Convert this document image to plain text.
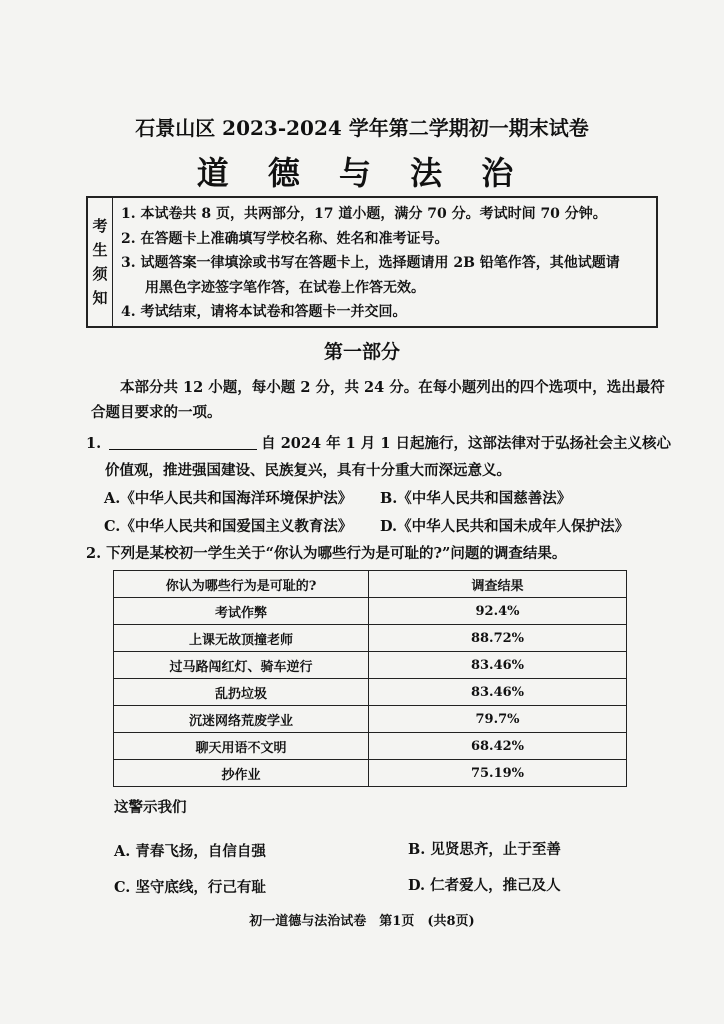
石景山区 2023-2024 学年第二学期初一期末试卷
道 德 与 法 治
考
生
须
知
1. 本试卷共 8 页，共两部分，17 道小题，满分 70 分。考试时间 70 分钟。
2. 在答题卡上准确填写学校名称、姓名和准考证号。
3. 试题答案一律填涂或书写在答题卡上，选择题请用 2B 铅笔作答，其他试题请
用黑色字迹签字笔作答，在试卷上作答无效。
4. 考试结束，请将本试卷和答题卡一并交回。
第一部分
本部分共 12 小题，每小题 2 分，共 24 分。在每小题列出的四个选项中，选出最符
合题目要求的一项。
1.	自 2024 年 1 月 1 日起施行，这部法律对于弘扬社会主义核心
价值观，推进强国建设、民族复兴，具有十分重大而深远意义。
A.《中华人民共和国海洋环境保护法》 B.《中华人民共和国慈善法》
C.《中华人民共和国爱国主义教育法》 D.《中华人民共和国未成年人保护法》
2. 下列是某校初一学生关于“你认为哪些行为是可耻的?”问题的调查结果。
你认为哪些行为是可耻的?	调查结果
考试作弊	92.4%
上课无故顶撞老师	88.72%
过马路闯红灯、骑车逆行	83.46%
乱扔垃圾	83.46%
沉迷网络荒废学业	79.7%
聊天用语不文明	68.42%
抄作业	75.19%
这警示我们
A. 青春飞扬，自信自强	B. 见贤思齐，止于至善
C. 坚守底线，行己有耻	D. 仁者爱人，推己及人
初一道德与法治试卷　第1页　(共8页)
